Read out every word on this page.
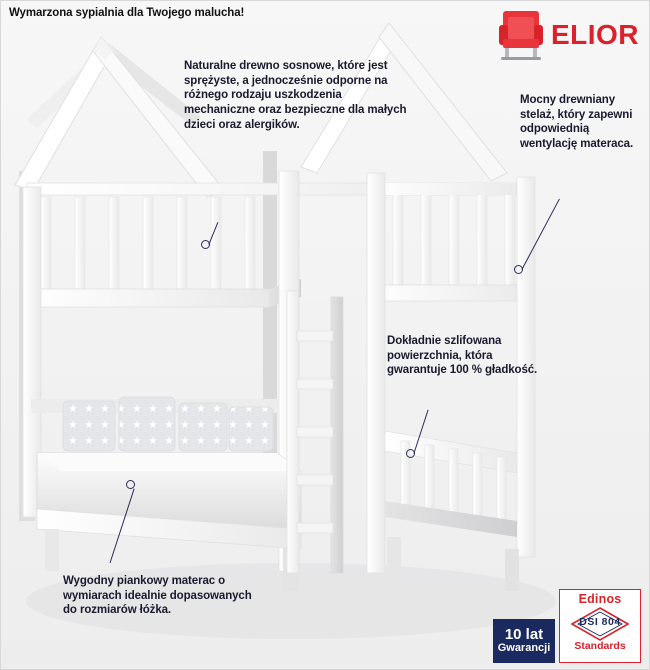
Wymarzona sypialnia dla Twojego malucha!
ELIOR
Naturalne drewno sosnowe, które jest sprężyste, a jednocześnie odporne na różnego rodzaju uszkodzenia mechaniczne oraz bezpieczne dla małych dzieci oraz alergików.
Mocny drewniany stelaż, który zapewni odpowiednią wentylację materaca.
Dokładnie szlifowana powierzchnia, która gwarantuje 100 % gładkość.
Wygodny piankowy materac o wymiarach idealnie dopasowanych do rozmiarów łóżka.
10 lat
Gwarancji
Edinos
DSI 804
Standards
